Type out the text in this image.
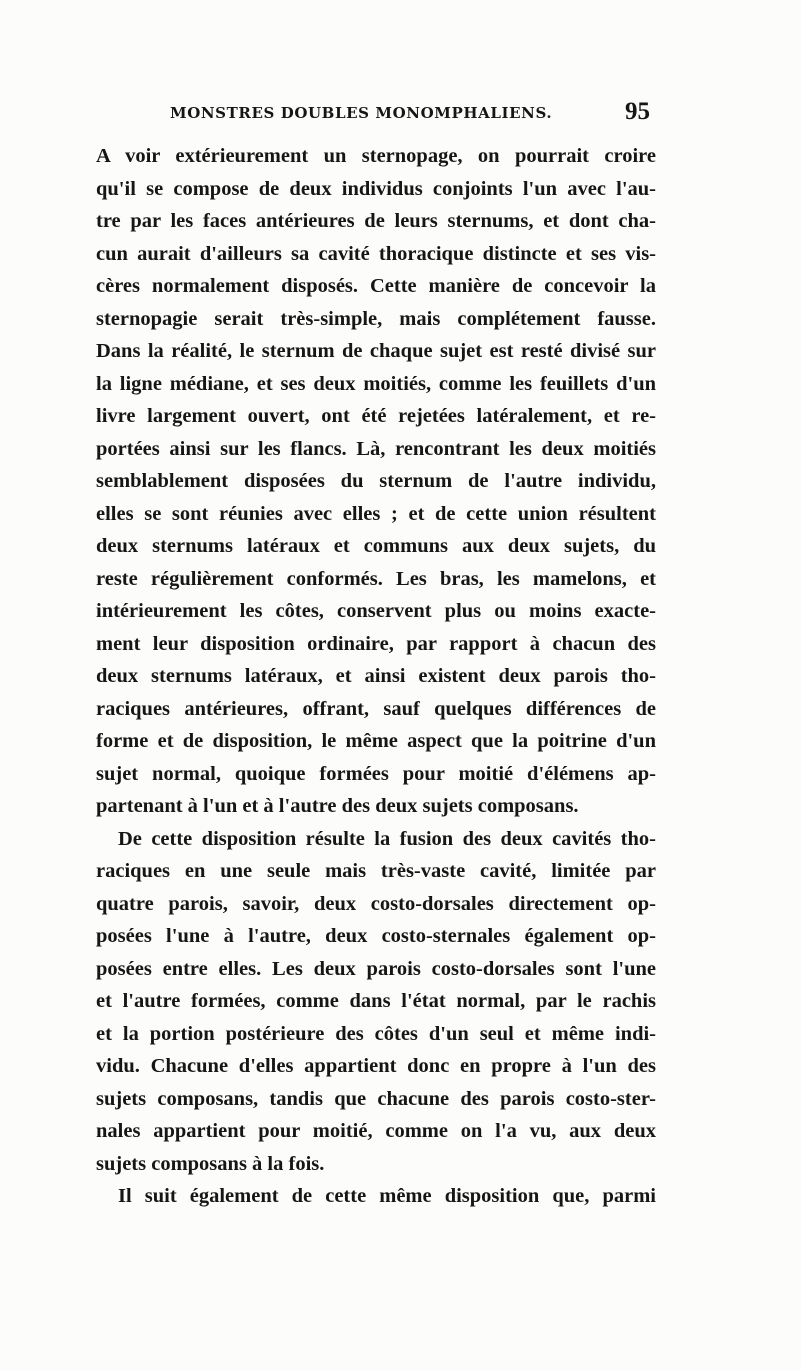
MONSTRES DOUBLES MONOMPHALIENS.	95
A voir extérieurement un sternopage, on pourrait croire
qu'il se compose de deux individus conjoints l'un avec l'au-
tre par les faces antérieures de leurs sternums, et dont cha-
cun aurait d'ailleurs sa cavité thoracique distincte et ses vis-
cères normalement disposés. Cette manière de concevoir la
sternopagie serait très-simple, mais complétement fausse.
Dans la réalité, le sternum de chaque sujet est resté divisé sur
la ligne médiane, et ses deux moitiés, comme les feuillets d'un
livre largement ouvert, ont été rejetées latéralement, et re-
portées ainsi sur les flancs. Là, rencontrant les deux moitiés
semblablement disposées du sternum de l'autre individu,
elles se sont réunies avec elles ; et de cette union résultent
deux sternums latéraux et communs aux deux sujets, du
reste régulièrement conformés. Les bras, les mamelons, et
intérieurement les côtes, conservent plus ou moins exacte-
ment leur disposition ordinaire, par rapport à chacun des
deux sternums latéraux, et ainsi existent deux parois tho-
raciques antérieures, offrant, sauf quelques différences de
forme et de disposition, le même aspect que la poitrine d'un
sujet normal, quoique formées pour moitié d'élémens ap-
partenant à l'un et à l'autre des deux sujets composans.
De cette disposition résulte la fusion des deux cavités tho-
raciques en une seule mais très-vaste cavité, limitée par
quatre parois, savoir, deux costo-dorsales directement op-
posées l'une à l'autre, deux costo-sternales également op-
posées entre elles. Les deux parois costo-dorsales sont l'une
et l'autre formées, comme dans l'état normal, par le rachis
et la portion postérieure des côtes d'un seul et même indi-
vidu. Chacune d'elles appartient donc en propre à l'un des
sujets composans, tandis que chacune des parois costo-ster-
nales appartient pour moitié, comme on l'a vu, aux deux
sujets composans à la fois.
Il suit également de cette même disposition que, parmi
